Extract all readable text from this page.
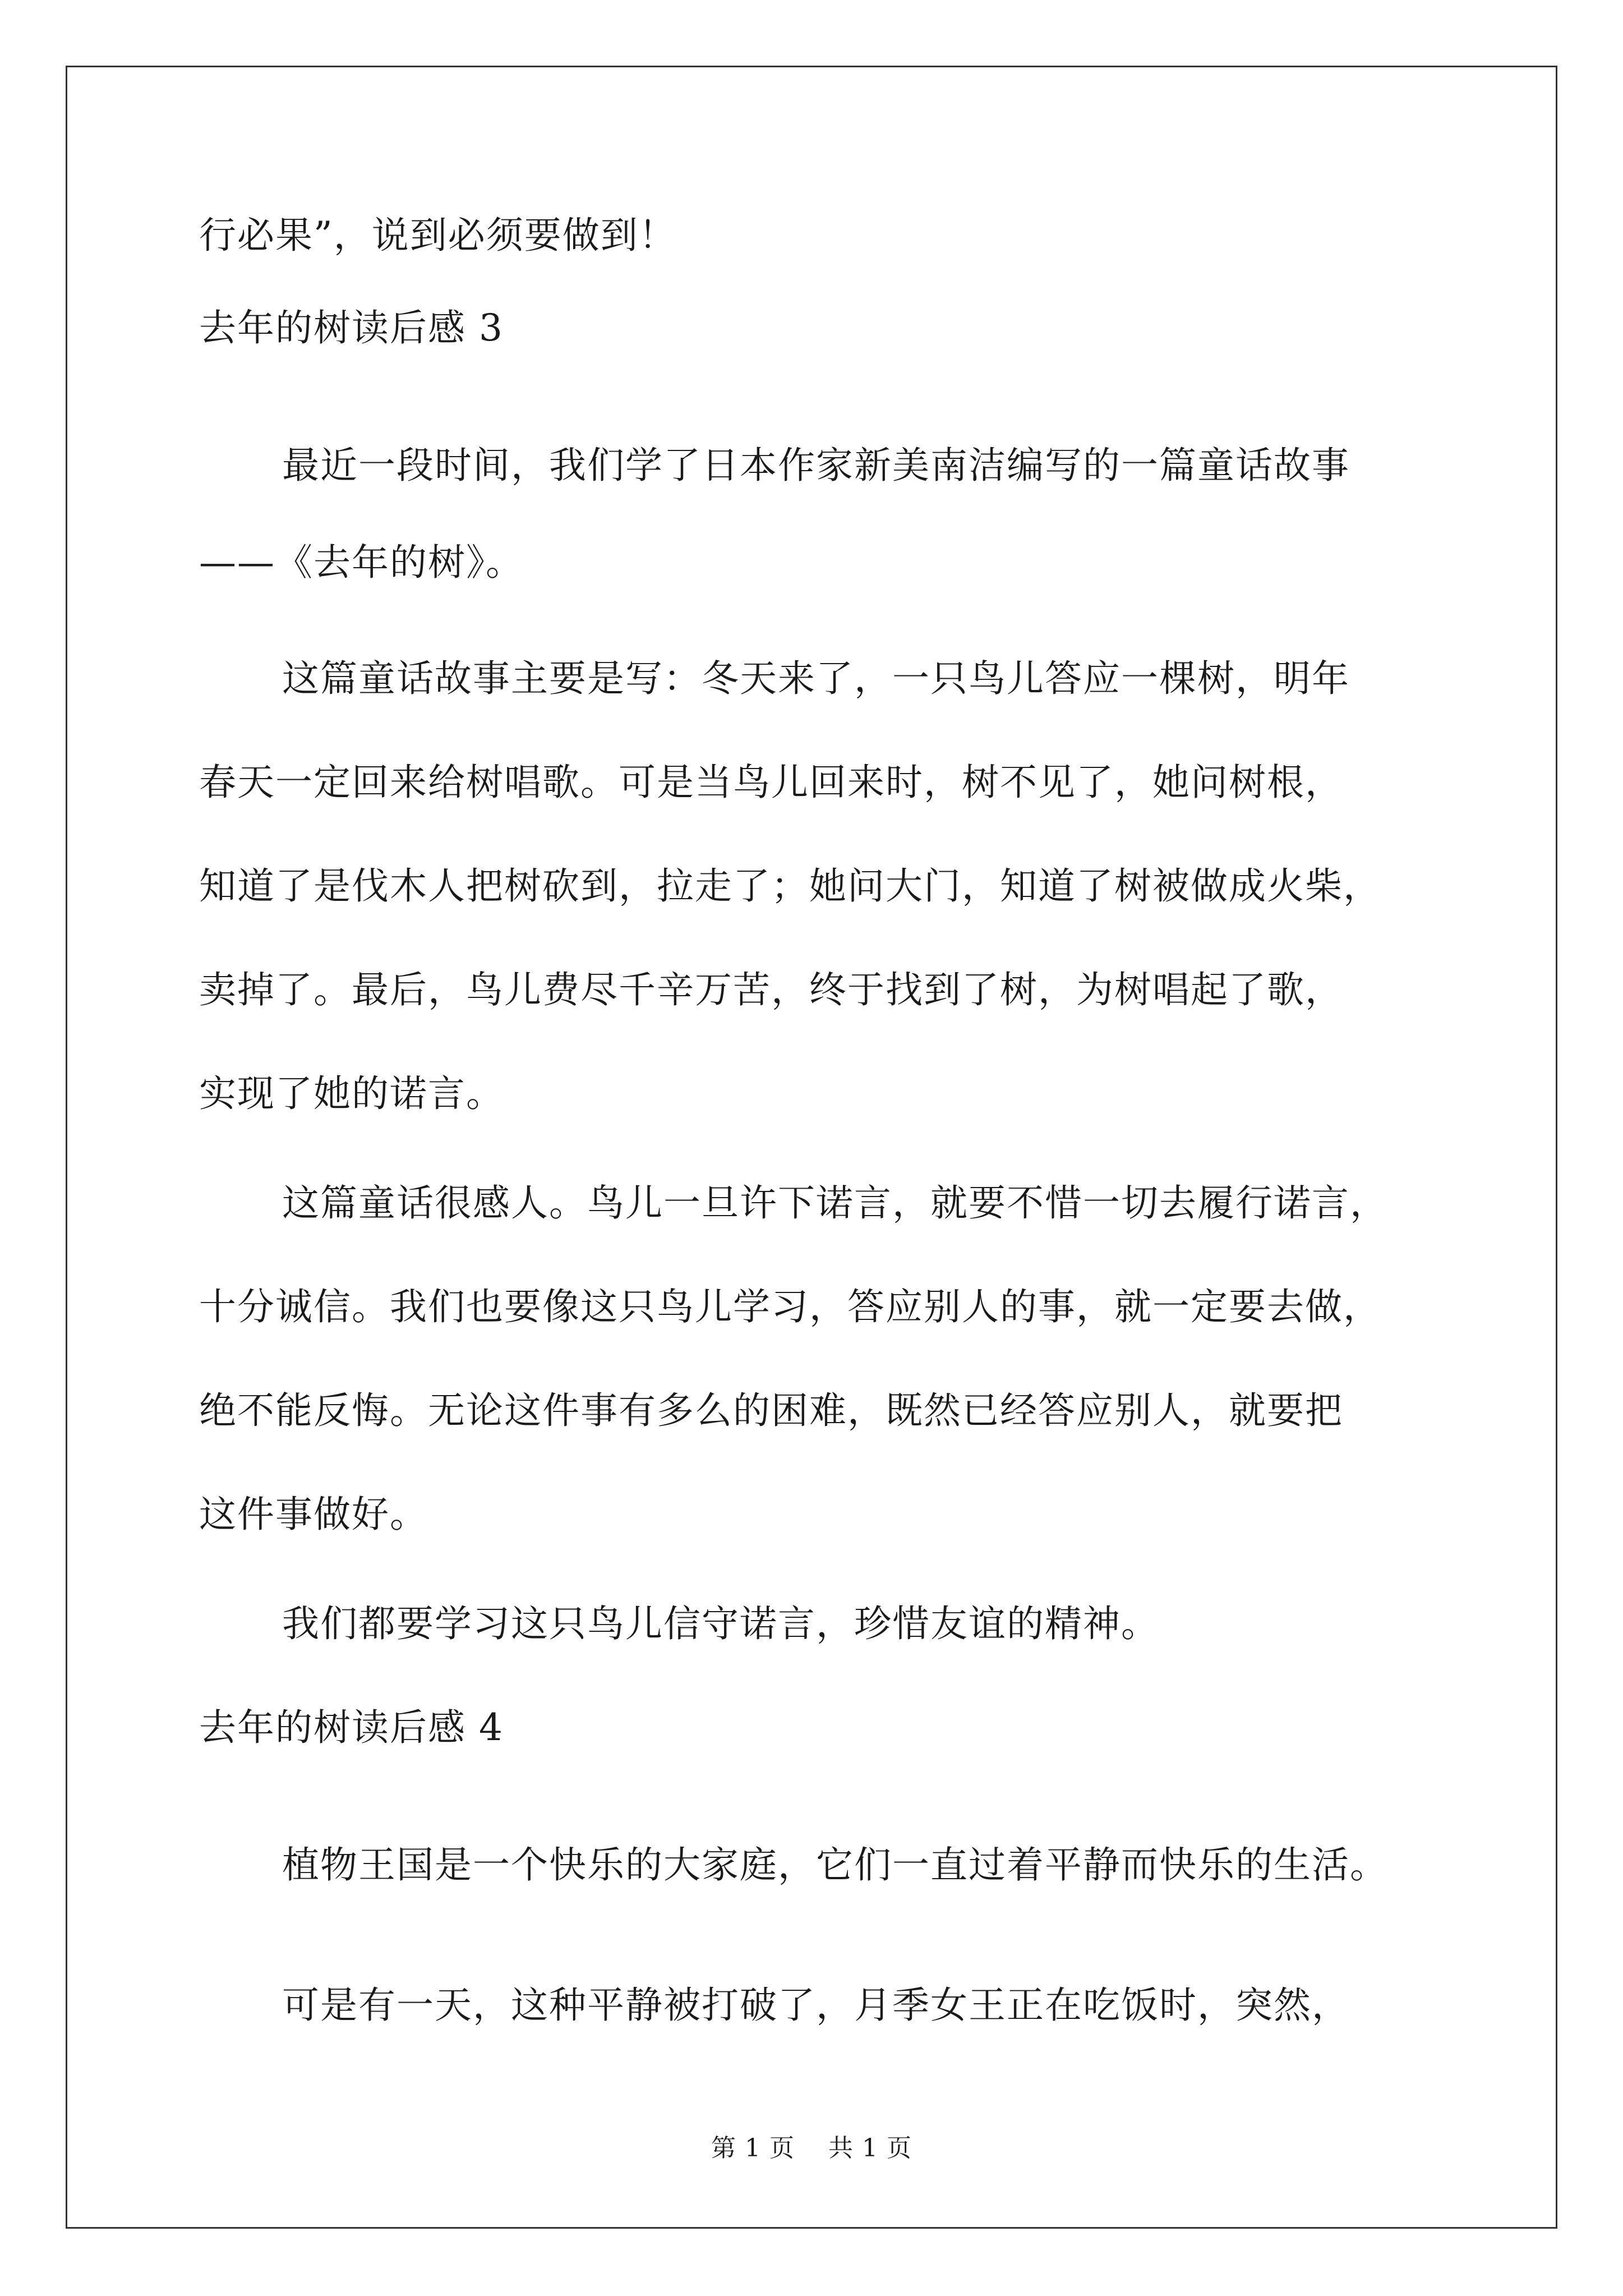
行必果”，说到必须要做到！
去年的树读后感 3
最近一段时间，我们学了日本作家新美南洁编写的一篇童话故事
——《去年的树》。
这篇童话故事主要是写：冬天来了，一只鸟儿答应一棵树，明年
春天一定回来给树唱歌。可是当鸟儿回来时，树不见了，她问树根，
知道了是伐木人把树砍到，拉走了；她问大门，知道了树被做成火柴，
卖掉了。最后，鸟儿费尽千辛万苦，终于找到了树，为树唱起了歌，
实现了她的诺言。
这篇童话很感人。鸟儿一旦许下诺言，就要不惜一切去履行诺言，
十分诚信。我们也要像这只鸟儿学习，答应别人的事，就一定要去做，
绝不能反悔。无论这件事有多么的困难，既然已经答应别人，就要把
这件事做好。
我们都要学习这只鸟儿信守诺言，珍惜友谊的精神。
去年的树读后感 4
植物王国是一个快乐的大家庭，它们一直过着平静而快乐的生活。
可是有一天，这种平静被打破了，月季女王正在吃饭时，突然，
第 1 页 共 1 页
